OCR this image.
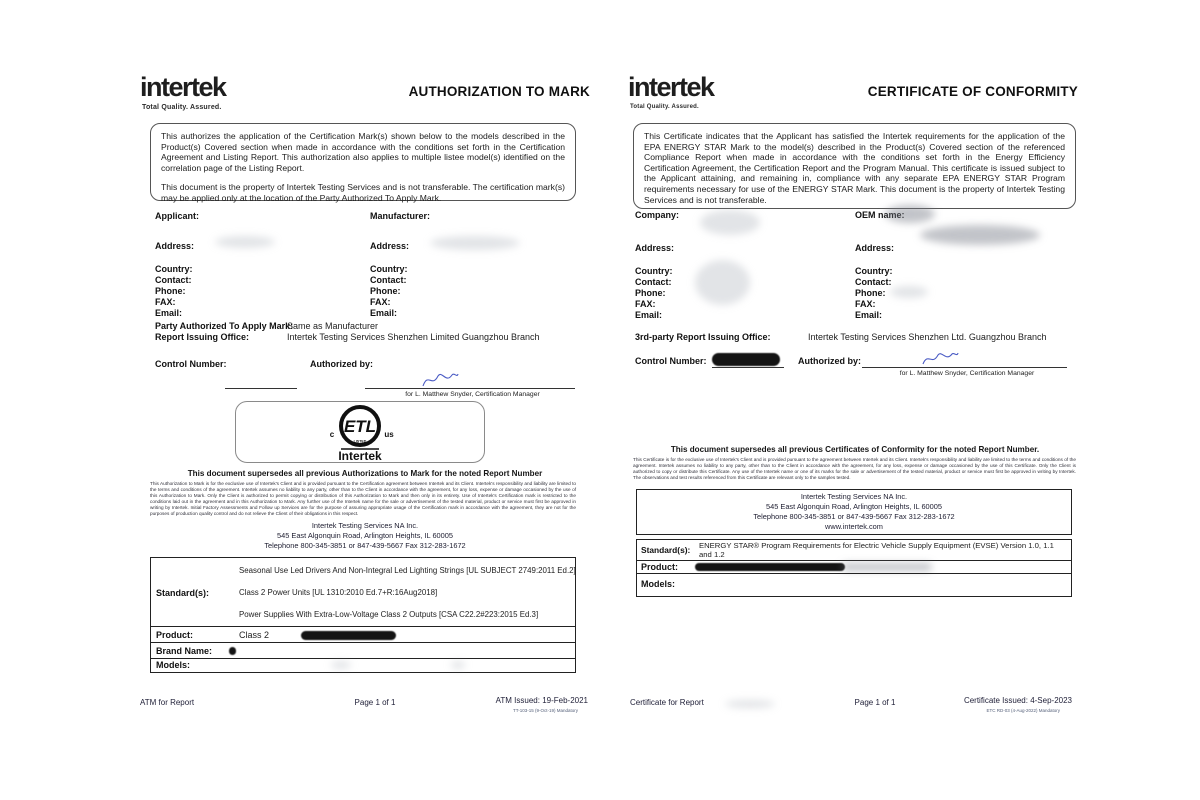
intertek
Total Quality. Assured.
AUTHORIZATION TO MARK

This authorizes the application of the Certification Mark(s) shown below to the models described in the Product(s) Covered section when made in accordance with the conditions set forth in the Certification Agreement and Listing Report. This authorization also applies to multiple listee model(s) identified on the correlation page of the Listing Report.

This document is the property of Intertek Testing Services and is not transferable. The certification mark(s) may be applied only at the location of the Party Authorized To Apply Mark.

Applicant:
Address:
Country:
Contact:
Phone:
FAX:
Email:
Manufacturer:
Address:
Country:
Contact:
Phone:
FAX:
Email:
Party Authorized To Apply Mark:
Same as Manufacturer
Report Issuing Office:	Intertek Testing Services Shenzhen Limited Guangzhou Branch
Control Number:	Authorized by:
for L. Matthew Snyder, Certification Manager
ETL
LISTED
c	us
Intertek
This document supersedes all previous Authorizations to Mark for the noted Report Number
This Authorization to Mark is for the exclusive use of Intertek's Client and is provided pursuant to the Certification agreement between Intertek and its Client. Intertek's responsibility and liability are limited to the terms and conditions of the agreement. Intertek assumes no liability to any party, other than to the Client in accordance with the agreement, for any loss, expense or damage occasioned by the use of this Authorization to Mark. Only the Client is authorized to permit copying or distribution of this Authorization to Mark and then only in its entirety. Use of Intertek's Certification mark is restricted to the conditions laid out in the agreement and in this Authorization to Mark. Any further use of the Intertek name for the sale or advertisement of the tested material, product or service must first be approved in writing by Intertek. Initial Factory Assessments and Follow up Services are for the purpose of assuring appropriate usage of the Certification mark in accordance with the agreement, they are not for the purposes of production quality control and do not relieve the Client of their obligations in this respect.
Intertek Testing Services NA Inc.
545 East Algonquin Road, Arlington Heights, IL 60005
Telephone 800-345-3851 or 847-439-5667 Fax 312-283-1672
Standard(s):
Seasonal Use Led Drivers And Non-Integral Led Lighting Strings [UL SUBJECT 2749:2011 Ed.2]
Class 2 Power Units [UL 1310:2010 Ed.7+R:16Aug2018]
Power Supplies With Extra-Low-Voltage Class 2 Outputs [CSA C22.2#223:2015 Ed.3]
Product:	Class 2
Brand Name:
Models:
ATM for Report	Page 1 of 1	ATM Issued: 19-Feb-2021
TT-103-15 (9-Oct-19) Mandatory
intertek
Total Quality. Assured.
CERTIFICATE OF CONFORMITY

This Certificate indicates that the Applicant has satisfied the Intertek requirements for the application of the EPA ENERGY STAR Mark to the model(s) described in the Product(s) Covered section of the referenced Compliance Report when made in accordance with the conditions set forth in the Energy Efficiency Certification Agreement, the Certification Report and the Program Manual. This certificate is issued subject to the Applicant attaining, and remaining in, compliance with any separate EPA ENERGY STAR Program requirements necessary for use of the ENERGY STAR Mark. This document is the property of Intertek Testing Services and is not transferable.

Company:
Address:
Country:
Contact:
Phone:
FAX:
Email:
OEM name:
Address:
Country:
Contact:
Phone:
FAX:
Email:
3rd-party Report Issuing Office:	Intertek Testing Services Shenzhen Ltd. Guangzhou Branch
Control Number:	Authorized by:
for L. Matthew Snyder, Certification Manager
This document supersedes all previous Certificates of Conformity for the noted Report Number.
This Certificate is for the exclusive use of Intertek's Client and is provided pursuant to the agreement between Intertek and its Client. Intertek's responsibility and liability are limited to the terms and conditions of the agreement. Intertek assumes no liability to any party, other than to the Client in accordance with the agreement, for any loss, expense or damage occasioned by the use of this Certificate. Only the Client is authorized to copy or distribute this Certificate. Any use of the Intertek name or one of its marks for the sale or advertisement of the tested material, product or service must first be approved in writing by Intertek. The observations and test results referenced from this Certificate are relevant only to the samples tested.
Intertek Testing Services NA Inc.
545 East Algonquin Road, Arlington Heights, IL 60005
Telephone 800-345-3851 or 847-439-5667 Fax 312-283-1672
www.intertek.com
Standard(s): ENERGY STAR® Program Requirements for Electric Vehicle Supply Equipment (EVSE) Version 1.0, 1.1 and 1.2
Product:
Models:
Certificate for Report	Page 1 of 1	Certificate Issued: 4-Sep-2023
ETC RD-03 (4-Aug-2022) Mandatory
